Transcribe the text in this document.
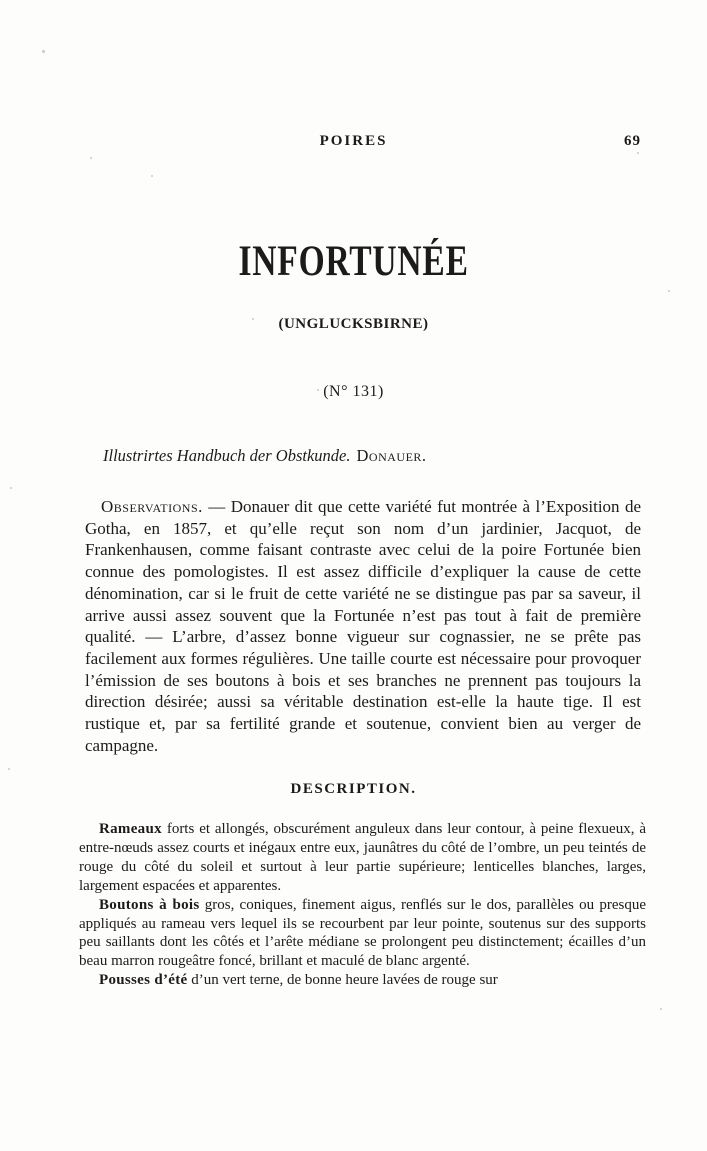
POIRES	69
INFORTUNÉE
(UNGLUCKSBIRNE)
(N° 131)

Illustrirtes Handbuch der Obstkunde. Donauer.

Observations. — Donauer dit que cette variété fut montrée à l’Exposition de Gotha, en 1857, et qu’elle reçut son nom d’un jardinier, Jacquot, de Frankenhausen, comme faisant contraste avec celui de la poire Fortunée bien connue des pomologistes. Il est assez difficile d’expliquer la cause de cette dénomination, car si le fruit de cette variété ne se distingue pas par sa saveur, il arrive aussi assez souvent que la Fortunée n’est pas tout à fait de première qualité. — L’arbre, d’assez bonne vigueur sur cognassier, ne se prête pas facilement aux formes régulières. Une taille courte est nécessaire pour provoquer l’émission de ses boutons à bois et ses branches ne prennent pas toujours la direction désirée; aussi sa véritable destination est-elle la haute tige. Il est rustique et, par sa fertilité grande et soutenue, convient bien au verger de campagne.

DESCRIPTION.

Rameaux forts et allongés, obscurément anguleux dans leur contour, à peine flexueux, à entre-nœuds assez courts et inégaux entre eux, jaunâtres du côté de l’ombre, un peu teintés de rouge du côté du soleil et surtout à leur partie supérieure; lenticelles blanches, larges, largement espacées et apparentes.

Boutons à bois gros, coniques, finement aigus, renflés sur le dos, parallèles ou presque appliqués au rameau vers lequel ils se recourbent par leur pointe, soutenus sur des supports peu saillants dont les côtés et l’arête médiane se prolongent peu distinctement; écailles d’un beau marron rougeâtre foncé, brillant et maculé de blanc argenté.

Pousses d’été d’un vert terne, de bonne heure lavées de rouge sur
